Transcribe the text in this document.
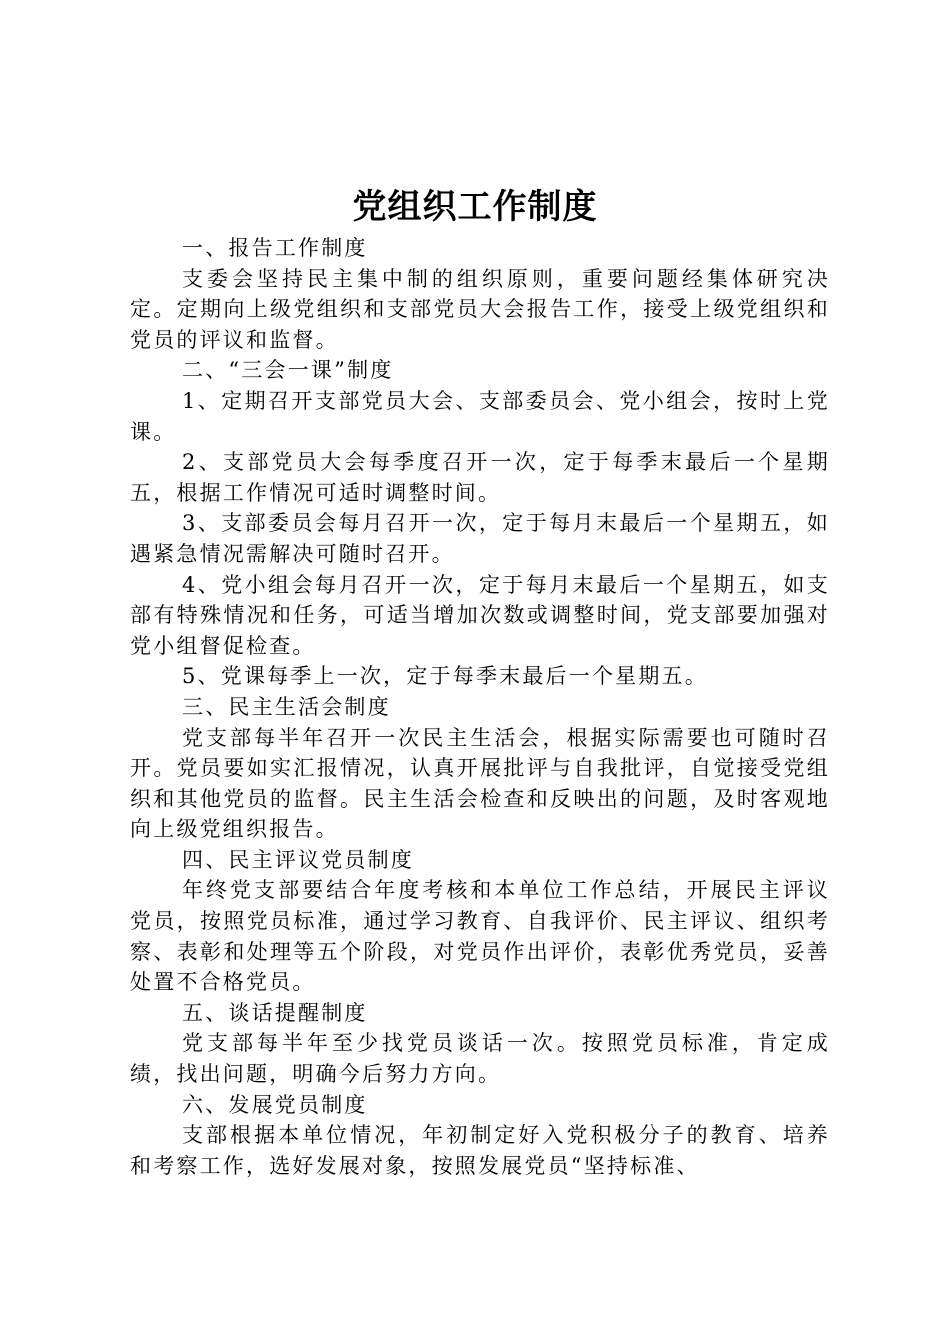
党组织工作制度

一、报告工作制度

支委会坚持民主集中制的组织原则，重要问题经集体研究决定。定期向上级党组织和支部党员大会报告工作，接受上级党组织和党员的评议和监督。

二、“三会一课”制度

1、定期召开支部党员大会、支部委员会、党小组会，按时上党课。

2、支部党员大会每季度召开一次，定于每季末最后一个星期五，根据工作情况可适时调整时间。

3、支部委员会每月召开一次，定于每月末最后一个星期五，如遇紧急情况需解决可随时召开。

4、党小组会每月召开一次，定于每月末最后一个星期五，如支部有特殊情况和任务，可适当增加次数或调整时间，党支部要加强对党小组督促检查。

5、党课每季上一次，定于每季末最后一个星期五。

三、民主生活会制度

党支部每半年召开一次民主生活会，根据实际需要也可随时召开。党员要如实汇报情况，认真开展批评与自我批评，自觉接受党组织和其他党员的监督。民主生活会检查和反映出的问题，及时客观地向上级党组织报告。

四、民主评议党员制度

年终党支部要结合年度考核和本单位工作总结，开展民主评议党员，按照党员标准，通过学习教育、自我评价、民主评议、组织考察、表彰和处理等五个阶段，对党员作出评价，表彰优秀党员，妥善处置不合格党员。

五、谈话提醒制度

党支部每半年至少找党员谈话一次。按照党员标准，肯定成绩，找出问题，明确今后努力方向。

六、发展党员制度

支部根据本单位情况，年初制定好入党积极分子的教育、培养和考察工作，选好发展对象，按照发展党员“坚持标准、
